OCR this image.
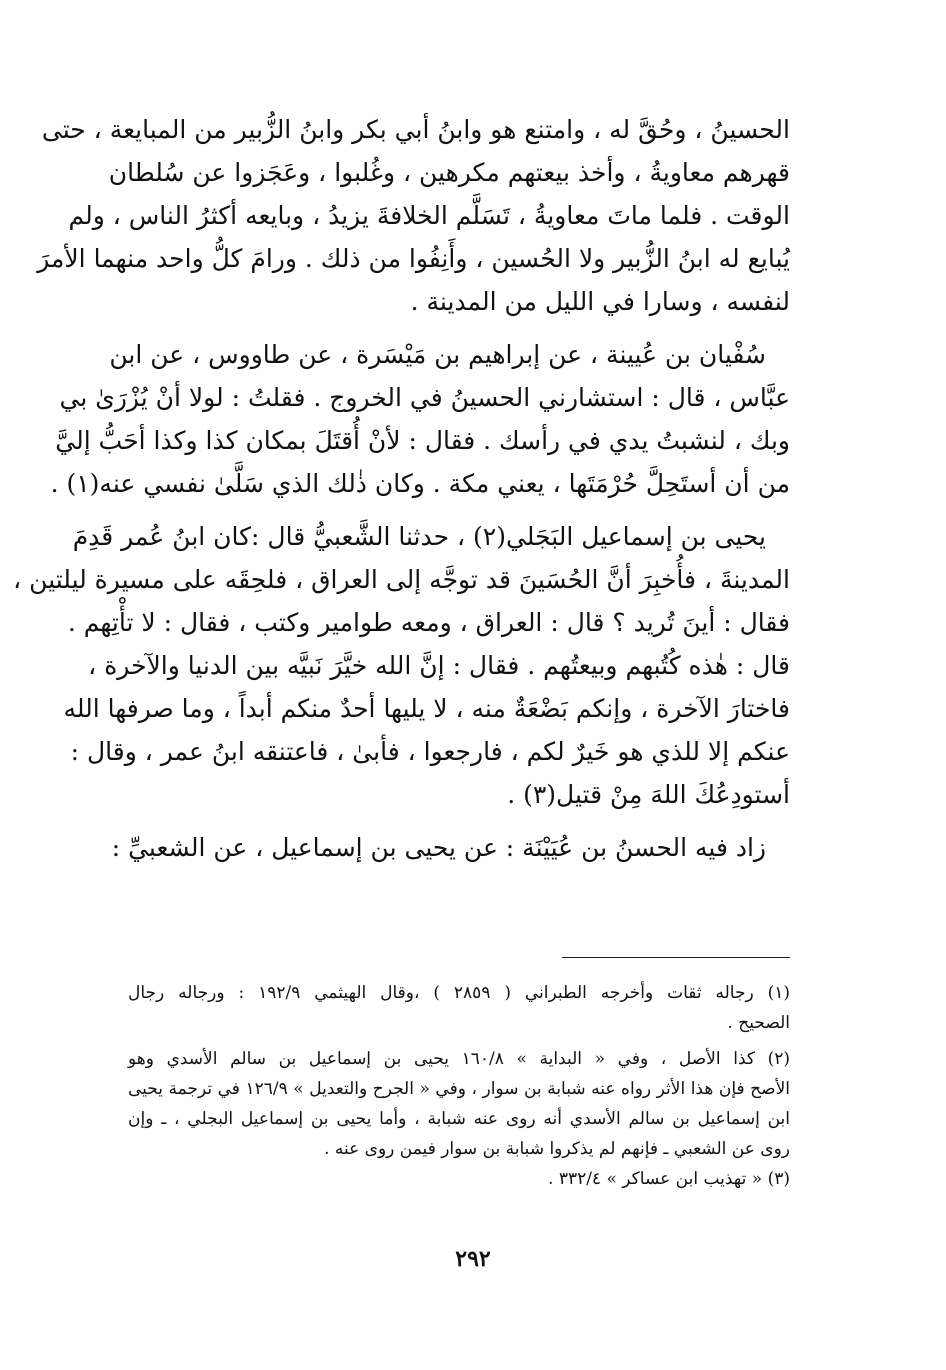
الحسينُ ، وحُقَّ له ، وامتنع هو وابنُ أبي بكر وابنُ الزُّبير من المبايعة ، حتى
قهرهم معاويةُ ، وأخذ بيعتهم مكرهين ، وغُلبوا ، وعَجَزوا عن سُلطان
الوقت . فلما ماتَ معاويةُ ، تَسَلَّم الخلافةَ يزيدُ ، وبايعه أكثرُ الناس ، ولم
يُبايع له ابنُ الزُّبير ولا الحُسين ، وأَنِفُوا من ذلك . ورامَ كلُّ واحد منهما الأمرَ
لنفسه ، وسارا في الليل من المدينة .
سُفْيان بن عُيينة ، عن إبراهيم بن مَيْسَرة ، عن طاووس ، عن ابن
عبَّاس ، قال : استشارني الحسينُ في الخروج . فقلتُ : لولا أنْ يُزْرَىٰ بي
وبك ، لنشبتُ يدي في رأسك . فقال : لأنْ أُقتَلَ بمكان كذا وكذا أحَبُّ إليَّ
من أن أستَحِلَّ حُرْمَتَها ، يعني مكة . وكان ذٰلك الذي سَلَّىٰ نفسي عنه(١) .
يحيى بن إسماعيل البَجَلي(٢) ، حدثنا الشَّعبيُّ قال :كان ابنُ عُمر قَدِمَ
المدينةَ ، فأُخبِرَ أنَّ الحُسَينَ قد توجَّه إلى العراق ، فلحِقَه على مسيرة ليلتين ،
فقال : أينَ تُريد ؟ قال : العراق ، ومعه طوامير وكتب ، فقال : لا تأْتِهم .
قال : هٰذه كُتُبهم وبيعتُهم . فقال : إنَّ الله خيَّرَ نَبيَّه بين الدنيا والآخرة ،
فاختارَ الآخرة ، وإنكم بَضْعَةٌ منه ، لا يليها أحدٌ منكم أبداً ، وما صرفها الله
عنكم إلا للذي هو خَيرٌ لكم ، فارجعوا ، فأبىٰ ، فاعتنقه ابنُ عمر ، وقال :
أستودِعُكَ اللهَ مِنْ قتيل(٣) .
زاد فيه الحسنُ بن عُيَيْنَة : عن يحيى بن إسماعيل ، عن الشعبيِّ :
(١) رجاله ثقات وأخرجه الطبراني ( ٢٨٥٩ ) ،وقال الهيثمي ١٩٢/٩ : ورجاله رجال
الصحيح .
(٢) كذا الأصل ، وفي « البداية » ١٦٠/٨ يحيى بن إسماعيل بن سالم الأسدي وهو
الأصح فإن هذا الأثر رواه عنه شبابة بن سوار ، وفي « الجرح والتعديل » ١٢٦/٩ في ترجمة يحيى
ابن إسماعيل بن سالم الأسدي أنه روى عنه شبابة ، وأما يحيى بن إسماعيل البجلي ، ـ وإن
روى عن الشعبي ـ فإنهم لم يذكروا شبابة بن سوار فيمن روى عنه .
(٣) « تهذيب ابن عساكر » ٣٣٢/٤ .
٢٩٢
